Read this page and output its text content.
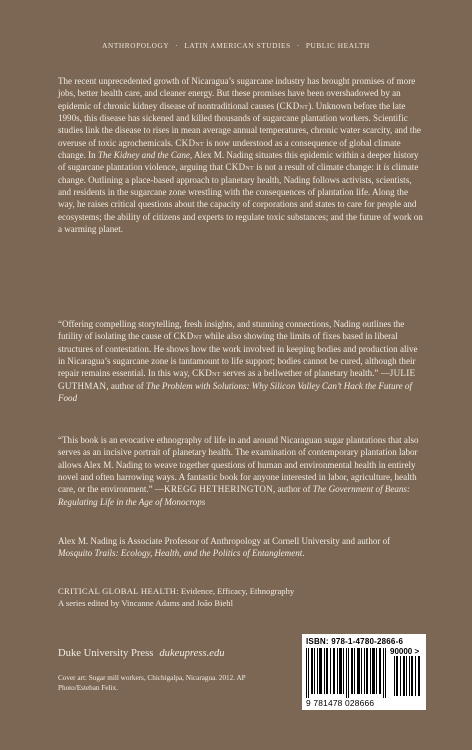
ANTHROPOLOGY · LATIN AMERICAN STUDIES · PUBLIC HEALTH

The recent unprecedented growth of Nicaragua’s sugarcane industry has brought promises of more jobs, better health care, and cleaner energy. But these promises have been overshadowed by an epidemic of chronic kidney disease of nontraditional causes (CKDnt). Unknown before the late 1990s, this disease has sickened and killed thousands of sugarcane plantation workers. Scientific studies link the disease to rises in mean average annual temperatures, chronic water scarcity, and the overuse of toxic agrochemicals. CKDnt is now understood as a consequence of global climate change. In The Kidney and the Cane, Alex M. Nading situates this epidemic within a deeper history of sugarcane plantation violence, arguing that CKDnt is not a result of climate change: it is climate change. Outlining a place-based approach to planetary health, Nading follows activists, scientists, and residents in the sugarcane zone wrestling with the consequences of plantation life. Along the way, he raises critical questions about the capacity of corporations and states to care for people and ecosystems; the ability of citizens and experts to regulate toxic substances; and the future of work on a warming planet.

“Offering compelling storytelling, fresh insights, and stunning connections, Nading outlines the futility of isolating the cause of CKDnt while also showing the limits of fixes based in liberal structures of contestation. He shows how the work involved in keeping bodies and production alive in Nicaragua’s sugarcane zone is tantamount to life support; bodies cannot be cured, although their repair remains essential. In this way, CKDnt serves as a bellwether of planetary health.” —JULIE GUTHMAN, author of The Problem with Solutions: Why Silicon Valley Can’t Hack the Future of Food

“This book is an evocative ethnography of life in and around Nicaraguan sugar plantations that also serves as an incisive portrait of planetary health. The examination of contemporary plantation labor allows Alex M. Nading to weave together questions of human and environmental health in entirely novel and often harrowing ways. A fantastic book for anyone interested in labor, agriculture, health care, or the environment.” —KREGG HETHERINGTON, author of The Government of Beans: Regulating Life in the Age of Monocrops

Alex M. Nading is Associate Professor of Anthropology at Cornell University and author of Mosquito Trails: Ecology, Health, and the Politics of Entanglement.

CRITICAL GLOBAL HEALTH: Evidence, Efficacy, Ethnography
A series edited by Vincanne Adams and João Biehl

Duke University Press dukeupress.edu
Cover art: Sugar mill workers, Chichigalpa, Nicaragua. 2012. AP Photo/Esteban Felix.
ISBN: 978-1-4780-2866-6
90000 >
9 781478 028666
